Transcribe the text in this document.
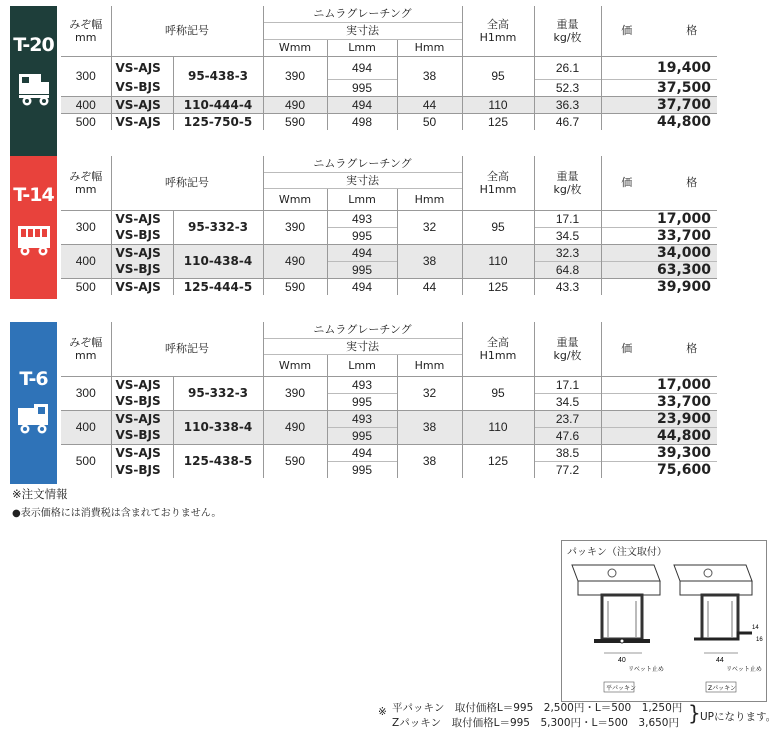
T-20
T-14
T-6
みぞ幅
mm	呼称記号		ニムラグレーチング			全高
H1mm	重量
kg/枚	価 格
			実寸法					
			Wmm	Lmm	Hmm			
300	VS-AJS	95-438-3	390	494	38	95	26.1	19,400
	VS-BJS			995			52.3	37,500
400	VS-AJS	110-444-4	490	494	44	110	36.3	37,700
500	VS-AJS	125-750-5	590	498	50	125	46.7	44,800
みぞ幅
mm	呼称記号		ニムラグレーチング			全高
H1mm	重量
kg/枚	価 格
			実寸法					
			Wmm	Lmm	Hmm			
300	VS-AJS	95-332-3	390	493	32	95	17.1	17,000
	VS-BJS			995			34.5	33,700
400	VS-AJS	110-438-4	490	494	38	110	32.3	34,000
	VS-BJS			995			64.8	63,300
500	VS-AJS	125-444-5	590	494	44	125	43.3	39,900
みぞ幅
mm	呼称記号		ニムラグレーチング			全高
H1mm	重量
kg/枚	価 格
			実寸法					
			Wmm	Lmm	Hmm			
300	VS-AJS	95-332-3	390	493	32	95	17.1	17,000
	VS-BJS			995			34.5	33,700
400	VS-AJS	110-338-4	490	493	38	110	23.7	23,900
	VS-BJS			995			47.6	44,800
500	VS-AJS	125-438-5	590	494	38	125	38.5	39,300
	VS-BJS			995			77.2	75,600
※注文情報
●表示価格には消費税は含まれておりません。
パッキン（注文取付）
40
リベット止め
平パッキン
14
16
44
リベット止め
Zパッキン
※ 平パッキン　取付価格L＝995　2,500円・L＝500　1,250円
Zパッキン　取付価格L＝995　5,300円・L＝500　3,650円 } UPになります。
